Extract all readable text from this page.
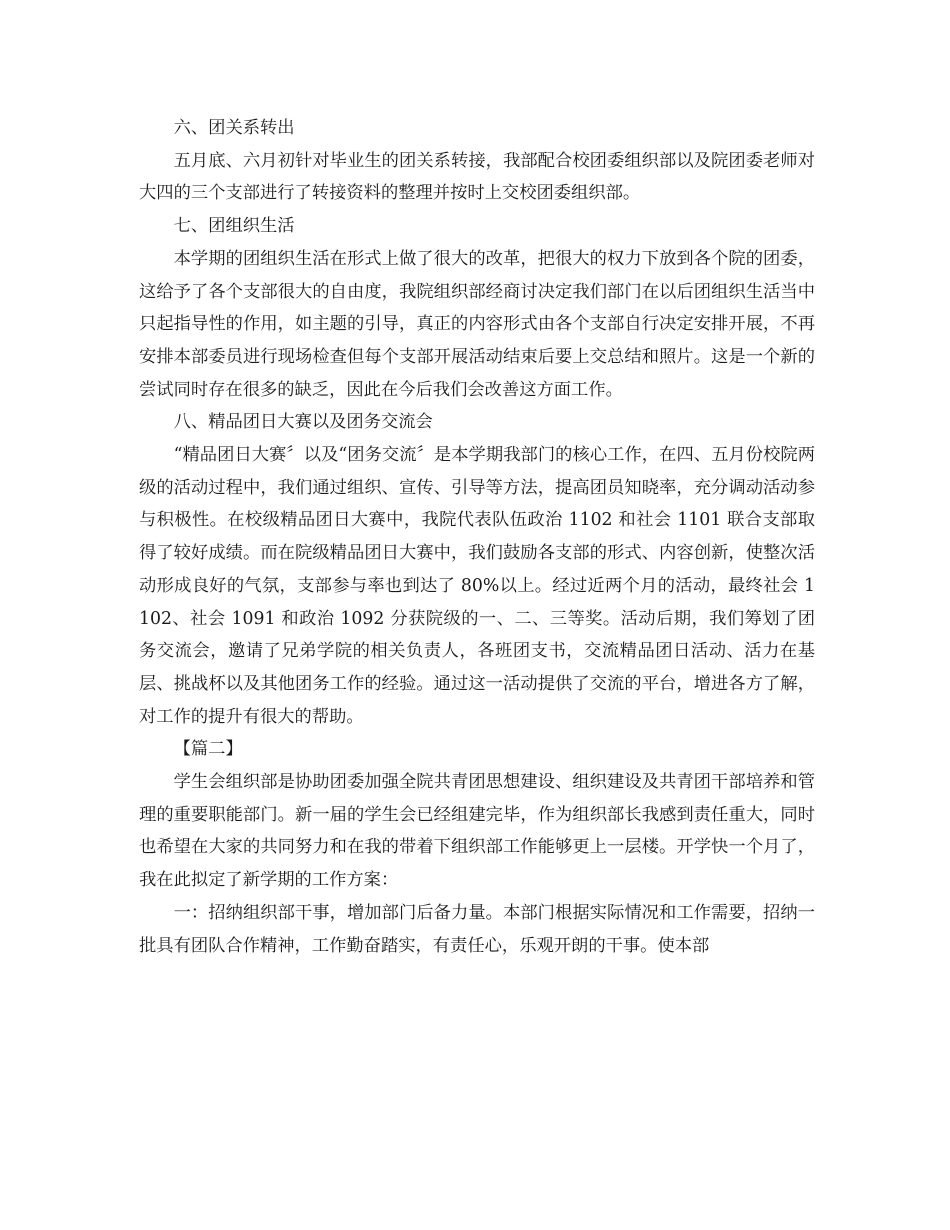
六、团关系转出

五月底、六月初针对毕业生的团关系转接，我部配合校团委组织部以及院团委老师对大四的三个支部进行了转接资料的整理并按时上交校团委组织部。

七、团组织生活

本学期的团组织生活在形式上做了很大的改革，把很大的权力下放到各个院的团委，这给予了各个支部很大的自由度，我院组织部经商讨决定我们部门在以后团组织生活当中只起指导性的作用，如主题的引导，真正的内容形式由各个支部自行决定安排开展，不再安排本部委员进行现场检查但每个支部开展活动结束后要上交总结和照片。这是一个新的尝试同时存在很多的缺乏，因此在今后我们会改善这方面工作。

八、精品团日大赛以及团务交流会

“精品团日大赛〞以及“团务交流〞是本学期我部门的核心工作，在四、五月份校院两级的活动过程中，我们通过组织、宣传、引导等方法，提高团员知晓率，充分调动活动参与积极性。在校级精品团日大赛中，我院代表队伍政治 1102 和社会 1101 联合支部取得了较好成绩。而在院级精品团日大赛中，我们鼓励各支部的形式、内容创新，使整次活动形成良好的气氛，支部参与率也到达了 80%以上。经过近两个月的活动，最终社会 1102、社会 1091 和政治 1092 分获院级的一、二、三等奖。活动后期，我们筹划了团务交流会，邀请了兄弟学院的相关负责人，各班团支书，交流精品团日活动、活力在基层、挑战杯以及其他团务工作的经验。通过这一活动提供了交流的平台，增进各方了解，对工作的提升有很大的帮助。

【篇二】

学生会组织部是协助团委加强全院共青团思想建设、组织建设及共青团干部培养和管理的重要职能部门。新一届的学生会已经组建完毕，作为组织部长我感到责任重大，同时也希望在大家的共同努力和在我的带着下组织部工作能够更上一层楼。开学快一个月了，我在此拟定了新学期的工作方案：

一：招纳组织部干事，增加部门后备力量。本部门根据实际情况和工作需要，招纳一批具有团队合作精神，工作勤奋踏实，有责任心，乐观开朗的干事。使本部
